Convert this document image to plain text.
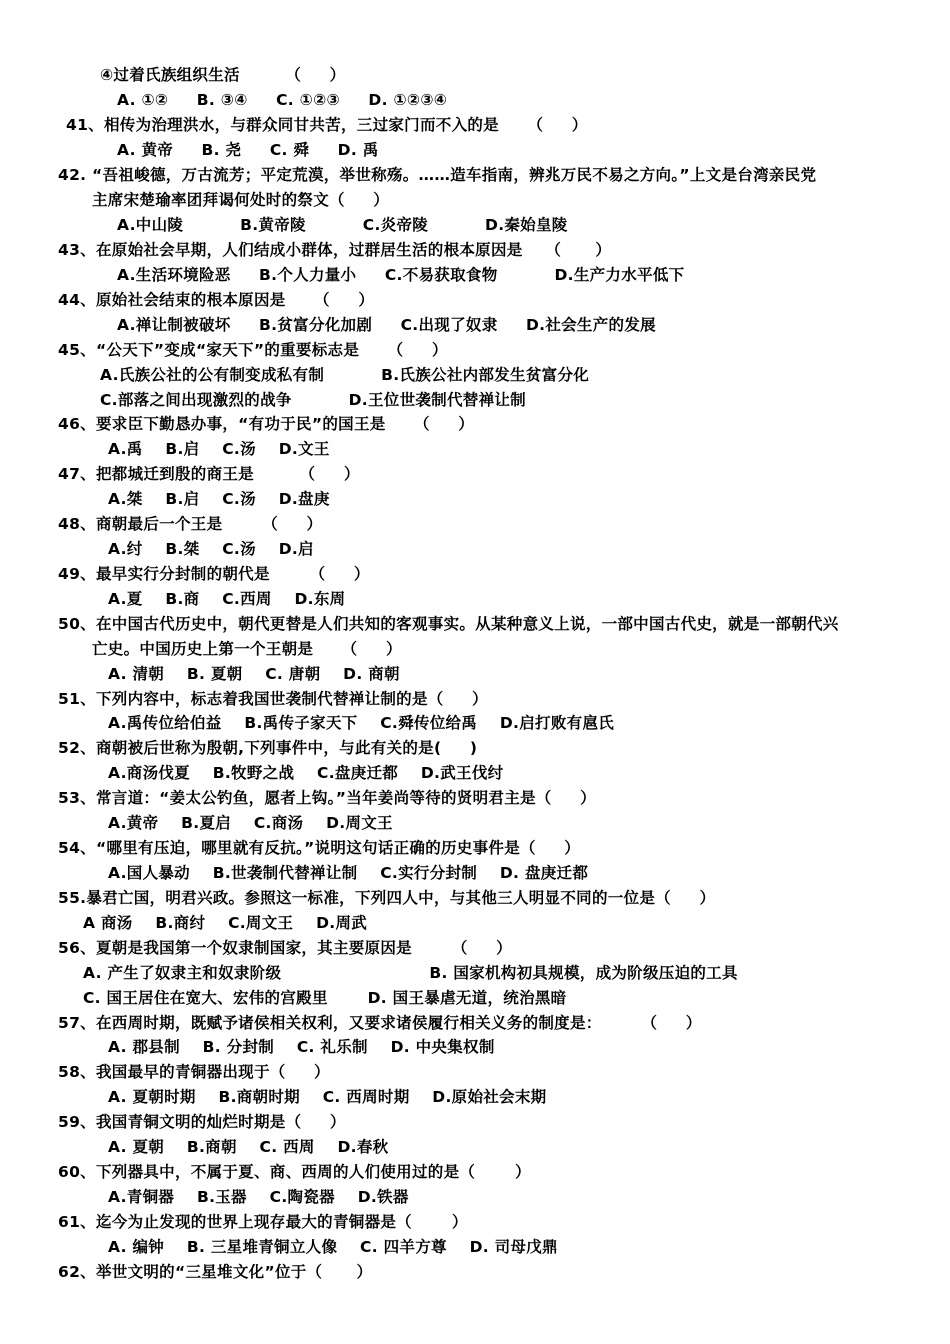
④过着氏族组织生活        （     ）
A. ①②     B. ③④     C. ①②③     D. ①②③④
41、相传为治理洪水，与群众同甘共苦，三过家门而不入的是     （     ）
A. 黄帝     B. 尧     C. 舜     D. 禹
42. “吾祖峻德，万古流芳；平定荒漠，举世称殇。……造车指南，辨兆万民不易之方向。”上文是台湾亲民党
主席宋楚瑜率团拜谒何处时的祭文（     ）
A.中山陵          B.黄帝陵          C.炎帝陵          D.秦始皇陵
43、在原始社会早期，人们结成小群体，过群居生活的根本原因是    （      ）
A.生活环境险恶     B.个人力量小     C.不易获取食物          D.生产力水平低下
44、原始社会结束的根本原因是     （     ）
A.禅让制被破坏     B.贫富分化加剧     C.出现了奴隶     D.社会生产的发展
45、“公天下”变成“家天下”的重要标志是     （     ）
A.氏族公社的公有制变成私有制          B.氏族公社内部发生贫富分化
C.部落之间出现激烈的战争          D.王位世袭制代替禅让制
46、要求臣下勤恳办事，“有功于民”的国王是     （     ）
A.禹    B.启    C.汤    D.文王
47、把都城迁到殷的商王是        （     ）
A.桀    B.启    C.汤    D.盘庚
48、商朝最后一个王是       （     ）
A.纣    B.桀    C.汤    D.启
49、最早实行分封制的朝代是       （     ）
A.夏    B.商    C.西周    D.东周
50、在中国古代历史中，朝代更替是人们共知的客观事实。从某种意义上说，一部中国古代史，就是一部朝代兴
亡史。中国历史上第一个王朝是     （     ）
A. 清朝    B. 夏朝    C. 唐朝    D. 商朝
51、下列内容中，标志着我国世袭制代替禅让制的是（     ）
A.禹传位给伯益    B.禹传子家天下    C.舜传位给禹    D.启打败有扈氏
52、商朝被后世称为殷朝,下列事件中，与此有关的是(     )
A.商汤伐夏    B.牧野之战    C.盘庚迁都    D.武王伐纣
53、常言道：“姜太公钓鱼，愿者上钩。”当年姜尚等待的贤明君主是（     ）
A.黄帝    B.夏启    C.商汤    D.周文王
54、“哪里有压迫，哪里就有反抗。”说明这句话正确的历史事件是（     ）
A.国人暴动    B.世袭制代替禅让制    C.实行分封制    D. 盘庚迁都
55.暴君亡国，明君兴政。参照这一标准，下列四人中，与其他三人明显不同的一位是（     ）
A 商汤    B.商纣    C.周文王    D.周武
56、夏朝是我国第一个奴隶制国家，其主要原因是       （     ）
A. 产生了奴隶主和奴隶阶级                          B. 国家机构初具规模，成为阶级压迫的工具
C. 国王居住在宽大、宏伟的宫殿里       D. 国王暴虐无道，统治黑暗
57、在西周时期，既赋予诸侯相关权利，又要求诸侯履行相关义务的制度是：       （     ）
A. 郡县制    B. 分封制    C. 礼乐制    D. 中央集权制
58、我国最早的青铜器出现于（     ）
A. 夏朝时期    B.商朝时期    C. 西周时期    D.原始社会末期
59、我国青铜文明的灿烂时期是（     ）
A. 夏朝    B.商朝    C. 西周    D.春秋
60、下列器具中，不属于夏、商、西周的人们使用过的是（       ）
A.青铜器    B.玉器    C.陶瓷器    D.铁器
61、迄今为止发现的世界上现存最大的青铜器是（       ）
A. 编钟    B. 三星堆青铜立人像    C. 四羊方尊    D. 司母戊鼎
62、举世文明的“三星堆文化”位于（      ）
